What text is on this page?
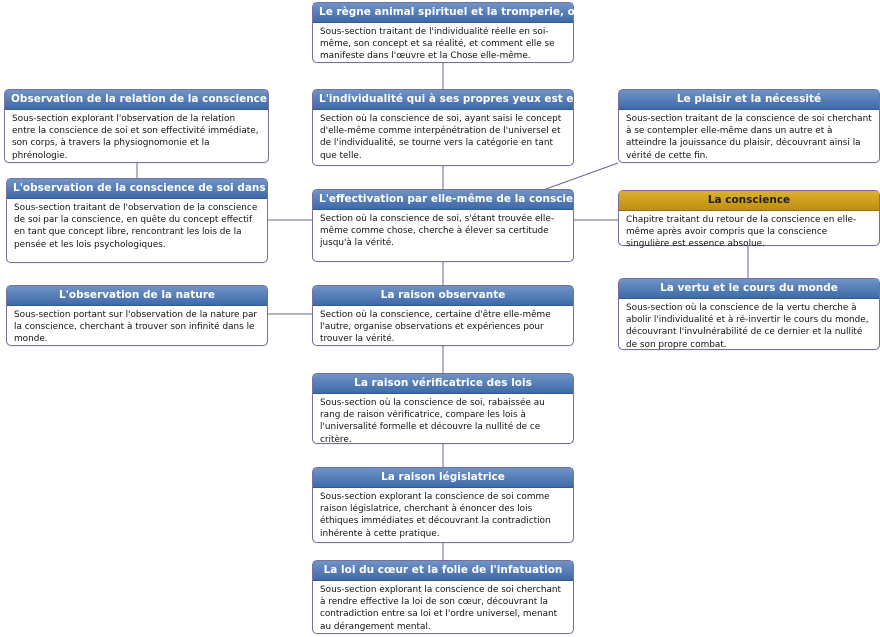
Le règne animal spirituel et la tromperie, ou la...
Sous-section traitant de l'individualité réelle en soi-même, son concept et sa réalité, et comment elle se manifeste dans l'œuvre et la Chose elle-même.
L'individualité qui à ses propres yeux est en s...
Section où la conscience de soi, ayant saisi le concept d'elle-même comme interpénétration de l'universel et de l'individualité, se tourne vers la catégorie en tant que telle.
L'effectivation par elle-même de la conscience...
Section où la conscience de soi, s'étant trouvée elle-même comme chose, cherche à élever sa certitude jusqu'à la vérité.
La raison observante
Section où la conscience, certaine d'être elle-même l'autre, organise observations et expériences pour trouver la vérité.
La raison vérificatrice des lois
Sous-section où la conscience de soi, rabaissée au rang de raison vérificatrice, compare les lois à l'universalité formelle et découvre la nullité de ce critère.
La raison législatrice
Sous-section explorant la conscience de soi comme raison législatrice, cherchant à énoncer des lois éthiques immédiates et découvrant la contradiction inhérente à cette pratique.
La loi du cœur et la folie de l'infatuation
Sous-section explorant la conscience de soi cherchant à rendre effective la loi de son cœur, découvrant la contradiction entre sa loi et l'ordre universel, menant au dérangement mental.
Observation de la relation de la conscience de s...
Sous-section explorant l'observation de la relation entre la conscience de soi et son effectivité immédiate, son corps, à travers la physiognomonie et la phrénologie.
L'observation de la conscience de soi dans sa ...
Sous-section traitant de l'observation de la conscience de soi par la conscience, en quête du concept effectif en tant que concept libre, rencontrant les lois de la pensée et les lois psychologiques.
L'observation de la nature
Sous-section portant sur l'observation de la nature par la conscience, cherchant à trouver son infinité dans le monde.
Le plaisir et la nécessité
Sous-section traitant de la conscience de soi cherchant à se contempler elle-même dans un autre et à atteindre la jouissance du plaisir, découvrant ainsi la vérité de cette fin.
La conscience
Chapitre traitant du retour de la conscience en elle-même après avoir compris que la conscience singulière est essence absolue.
La vertu et le cours du monde
Sous-section où la conscience de la vertu cherche à abolir l'individualité et à ré-invertir le cours du monde, découvrant l'invulnérabilité de ce dernier et la nullité de son propre combat.
